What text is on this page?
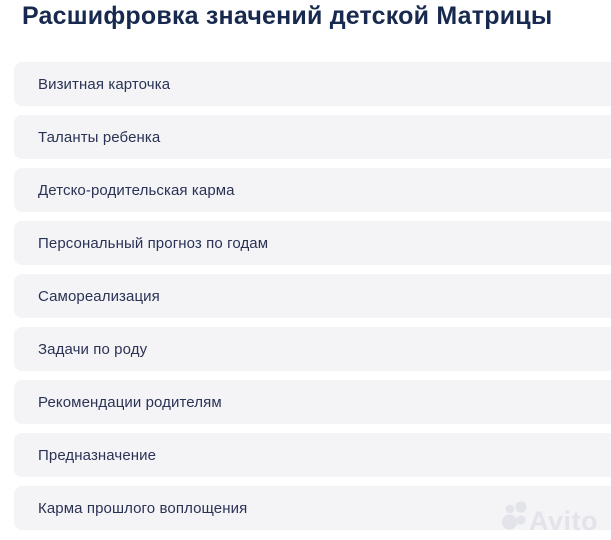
Расшифровка значений детской Матрицы
Визитная карточка
Таланты ребенка
Детско-родительская карма
Персональный прогноз по годам
Самореализация
Задачи по роду
Рекомендации родителям
Предназначение
Карма прошлого воплощения	Avito
